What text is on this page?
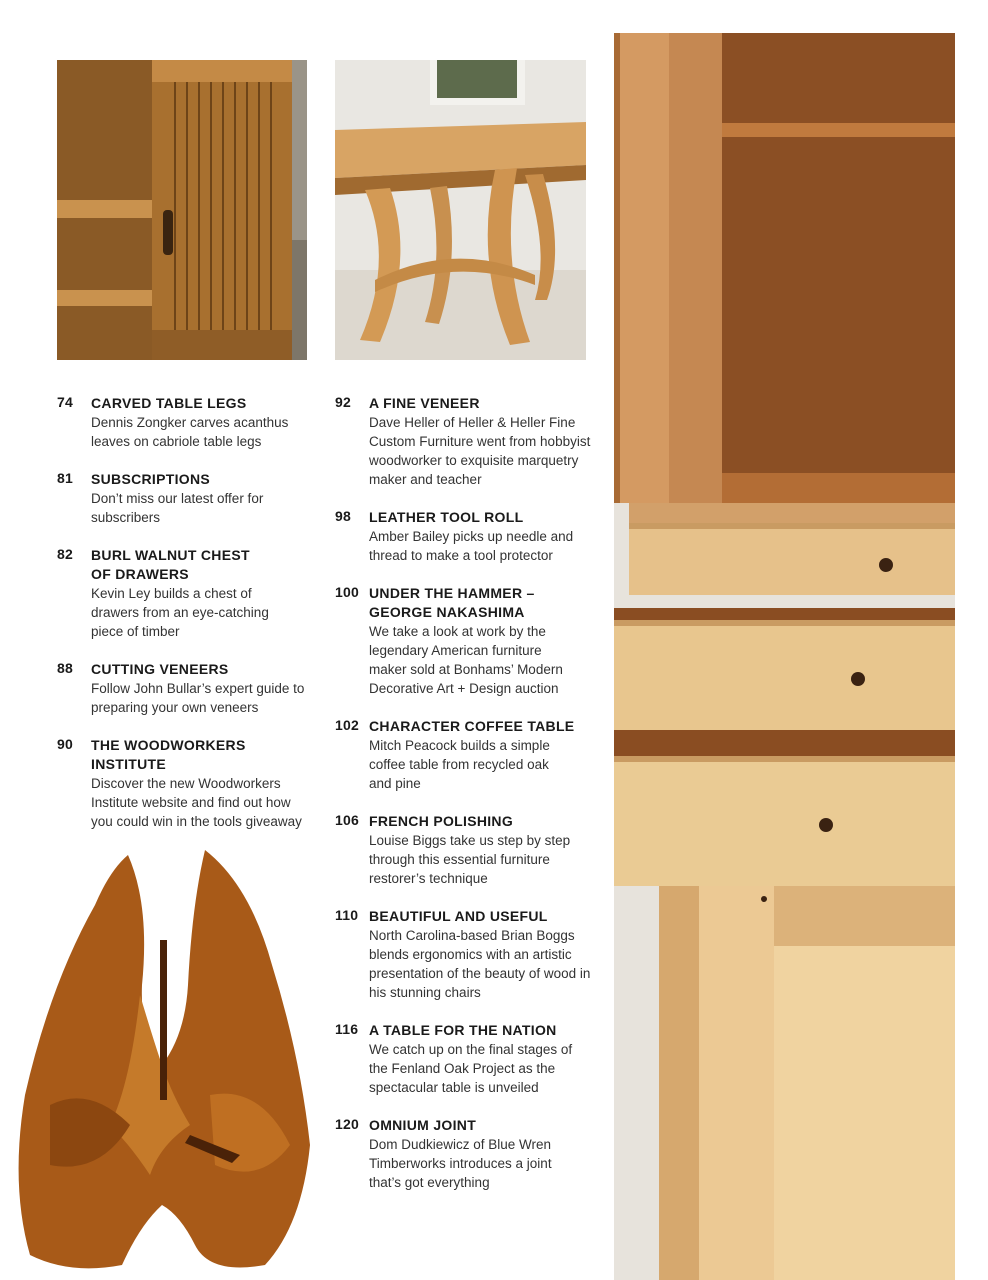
74 CARVED TABLE LEGS
Dennis Zongker carves acanthus leaves on cabriole table legs
81 SUBSCRIPTIONS
Don’t miss our latest offer for subscribers
82 BURL WALNUT CHEST OF DRAWERS
Kevin Ley builds a chest of drawers from an eye-catching piece of timber
88 CUTTING VENEERS
Follow John Bullar’s expert guide to preparing your own veneers
90 THE WOODWORKERS INSTITUTE
Discover the new Woodworkers Institute website and find out how you could win in the tools giveaway
92 A FINE VENEER
Dave Heller of Heller & Heller Fine Custom Furniture went from hobbyist woodworker to exquisite marquetry maker and teacher
98 LEATHER TOOL ROLL
Amber Bailey picks up needle and thread to make a tool protector
100 UNDER THE HAMMER – GEORGE NAKASHIMA
We take a look at work by the legendary American furniture maker sold at Bonhams’ Modern Decorative Art + Design auction
102 CHARACTER COFFEE TABLE
Mitch Peacock builds a simple coffee table from recycled oak and pine
106 FRENCH POLISHING
Louise Biggs take us step by step through this essential furniture restorer’s technique
110 BEAUTIFUL AND USEFUL
North Carolina-based Brian Boggs blends ergonomics with an artistic presentation of the beauty of wood in his stunning chairs
116 A TABLE FOR THE NATION
We catch up on the final stages of the Fenland Oak Project as the spectacular table is unveiled
120 OMNIUM JOINT
Dom Dudkiewicz of Blue Wren Timberworks introduces a joint that’s got everything
